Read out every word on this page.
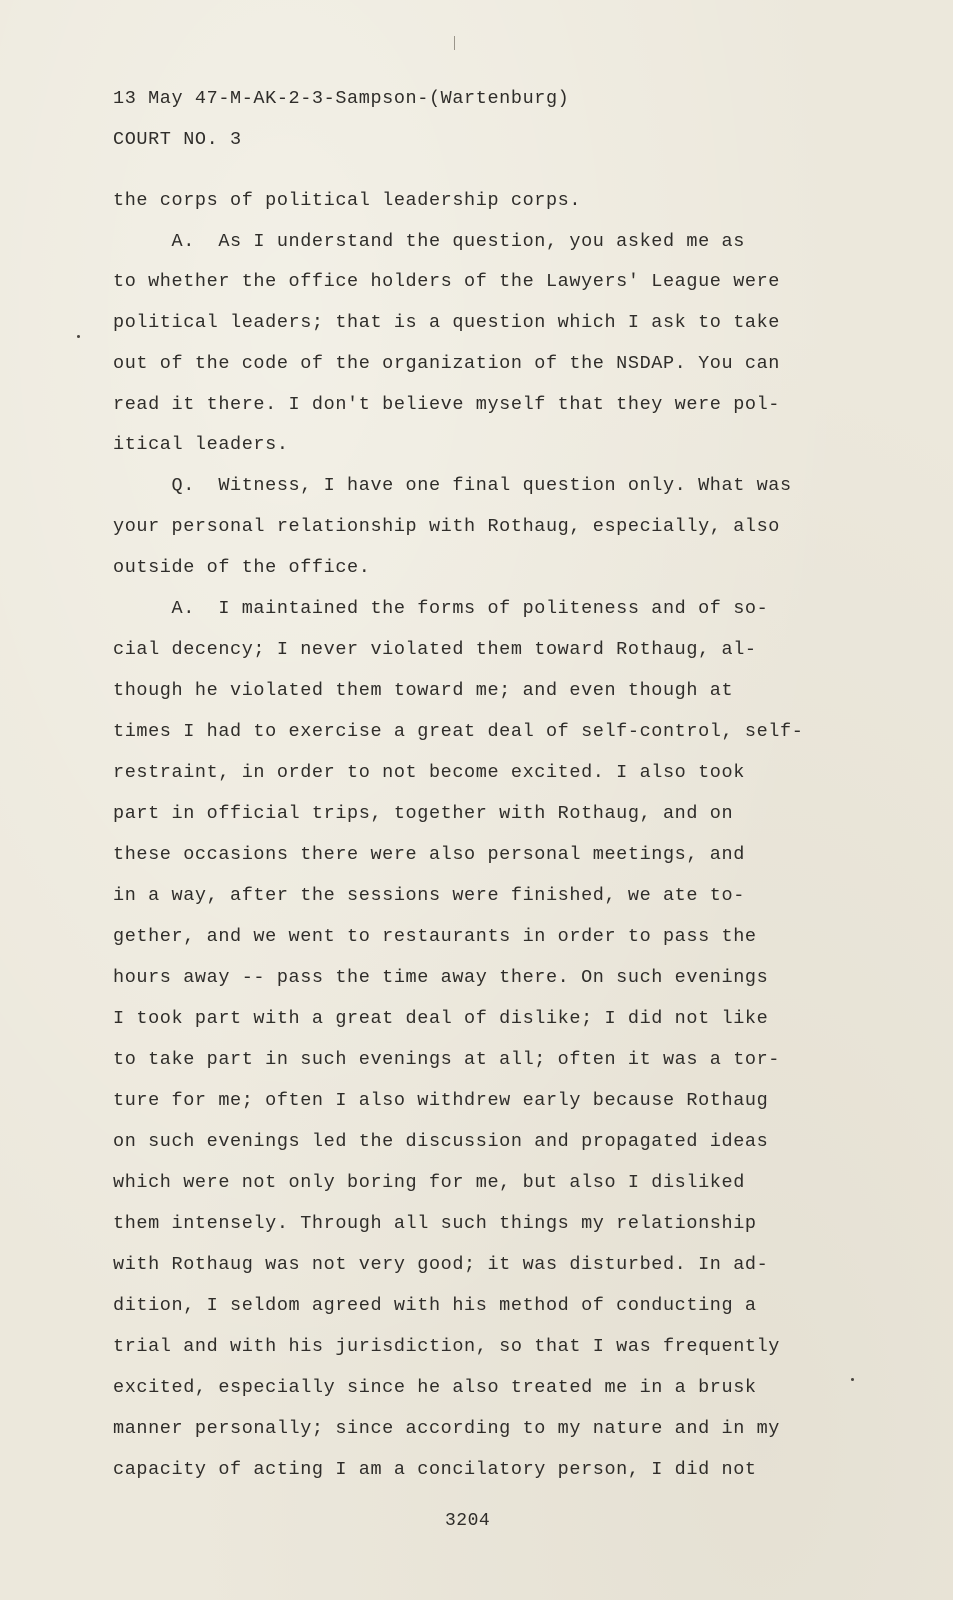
13 May 47-M-AK-2-3-Sampson-(Wartenburg)
COURT NO. 3
the corps of political leadership corps.
A.  As I understand the question, you asked me as
to whether the office holders of the Lawyers' League were
political leaders; that is a question which I ask to take
out of the code of the organization of the NSDAP. You can
read it there. I don't believe myself that they were pol-
itical leaders.
Q.  Witness, I have one final question only. What was
your personal relationship with Rothaug, especially, also
outside of the office.
A.  I maintained the forms of politeness and of so-
cial decency; I never violated them toward Rothaug, al-
though he violated them toward me; and even though at
times I had to exercise a great deal of self-control, self-
restraint, in order to not become excited. I also took
part in official trips, together with Rothaug, and on
these occasions there were also personal meetings, and
in a way, after the sessions were finished, we ate to-
gether, and we went to restaurants in order to pass the
hours away -- pass the time away there. On such evenings
I took part with a great deal of dislike; I did not like
to take part in such evenings at all; often it was a tor-
ture for me; often I also withdrew early because Rothaug
on such evenings led the discussion and propagated ideas
which were not only boring for me, but also I disliked
them intensely. Through all such things my relationship
with Rothaug was not very good; it was disturbed. In ad-
dition, I seldom agreed with his method of conducting a
trial and with his jurisdiction, so that I was frequently
excited, especially since he also treated me in a brusk
manner personally; since according to my nature and in my
capacity of acting I am a concilatory person, I did not
3204
